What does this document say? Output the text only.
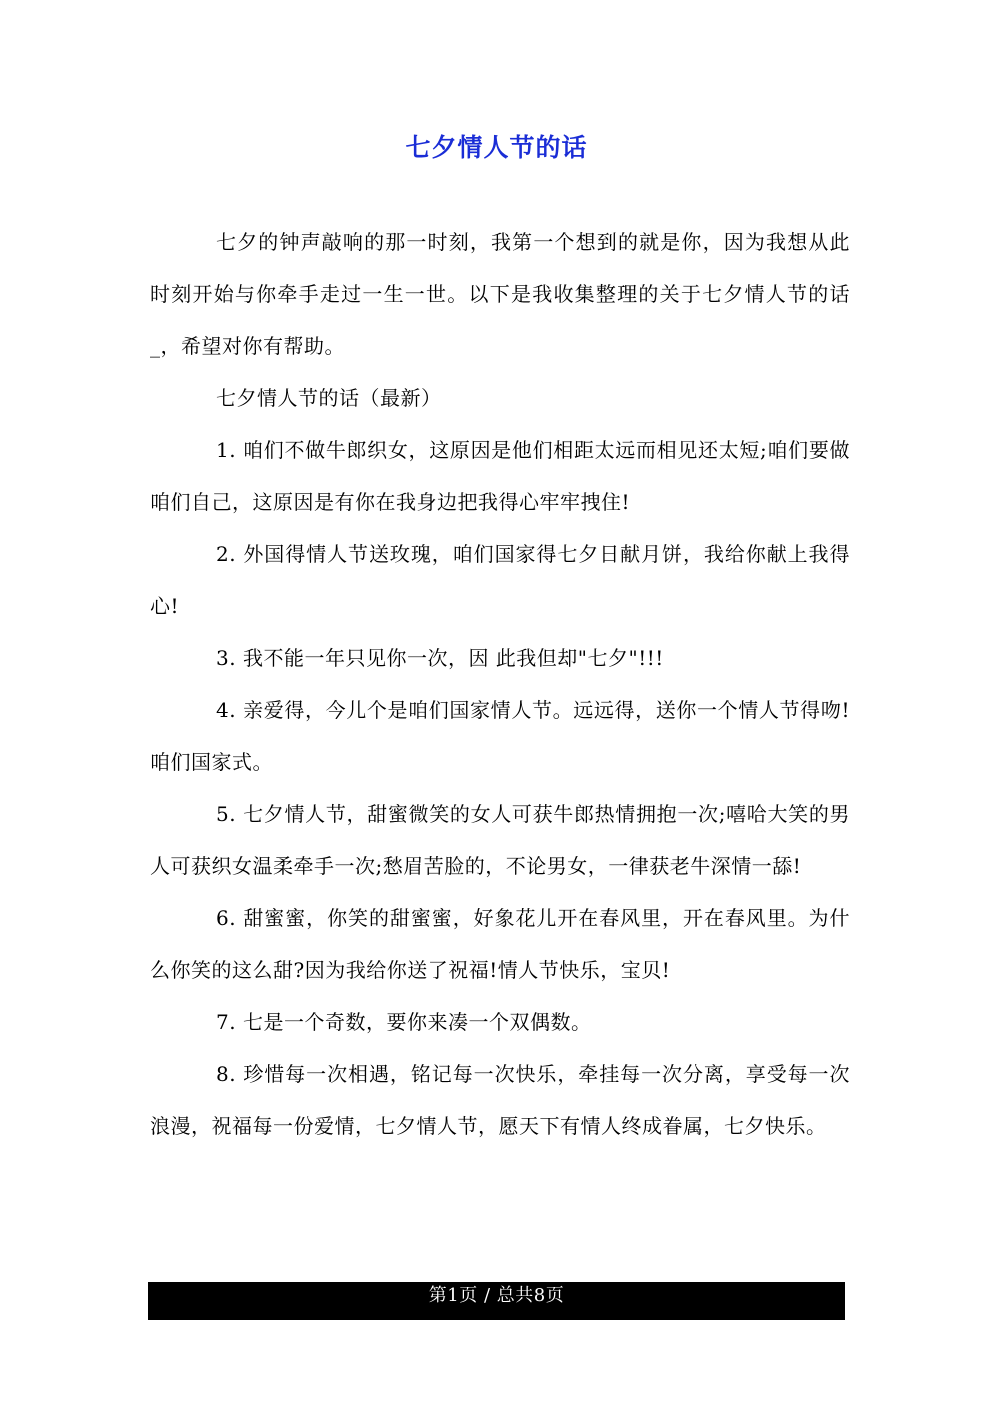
七夕情人节的话

七夕的钟声敲响的那一时刻，我第一个想到的就是你，因为我想从此时刻开始与你牵手走过一生一世。以下是我收集整理的关于七夕情人节的话_，希望对你有帮助。

七夕情人节的话（最新）

1. 咱们不做牛郎织女，这原因是他们相距太远而相见还太短;咱们要做咱们自己，这原因是有你在我身边把我得心牢牢拽住!

2. 外国得情人节送玫瑰，咱们国家得七夕日献月饼，我给你献上我得心!

3. 我不能一年只见你一次，因 此我但却"七夕"!!!

4. 亲爱得，今儿个是咱们国家情人节。远远得，送你一个情人节得吻!咱们国家式。

5. 七夕情人节，甜蜜微笑的女人可获牛郎热情拥抱一次;嘻哈大笑的男人可获织女温柔牵手一次;愁眉苦脸的，不论男女，一律获老牛深情一舔!

6. 甜蜜蜜，你笑的甜蜜蜜，好象花儿开在春风里，开在春风里。为什么你笑的这么甜?因为我给你送了祝福!情人节快乐，宝贝!

7. 七是一个奇数，要你来凑一个双偶数。

8. 珍惜每一次相遇，铭记每一次快乐，牵挂每一次分离，享受每一次浪漫，祝福每一份爱情，七夕情人节，愿天下有情人终成眷属，七夕快乐。

第1页 / 总共8页
